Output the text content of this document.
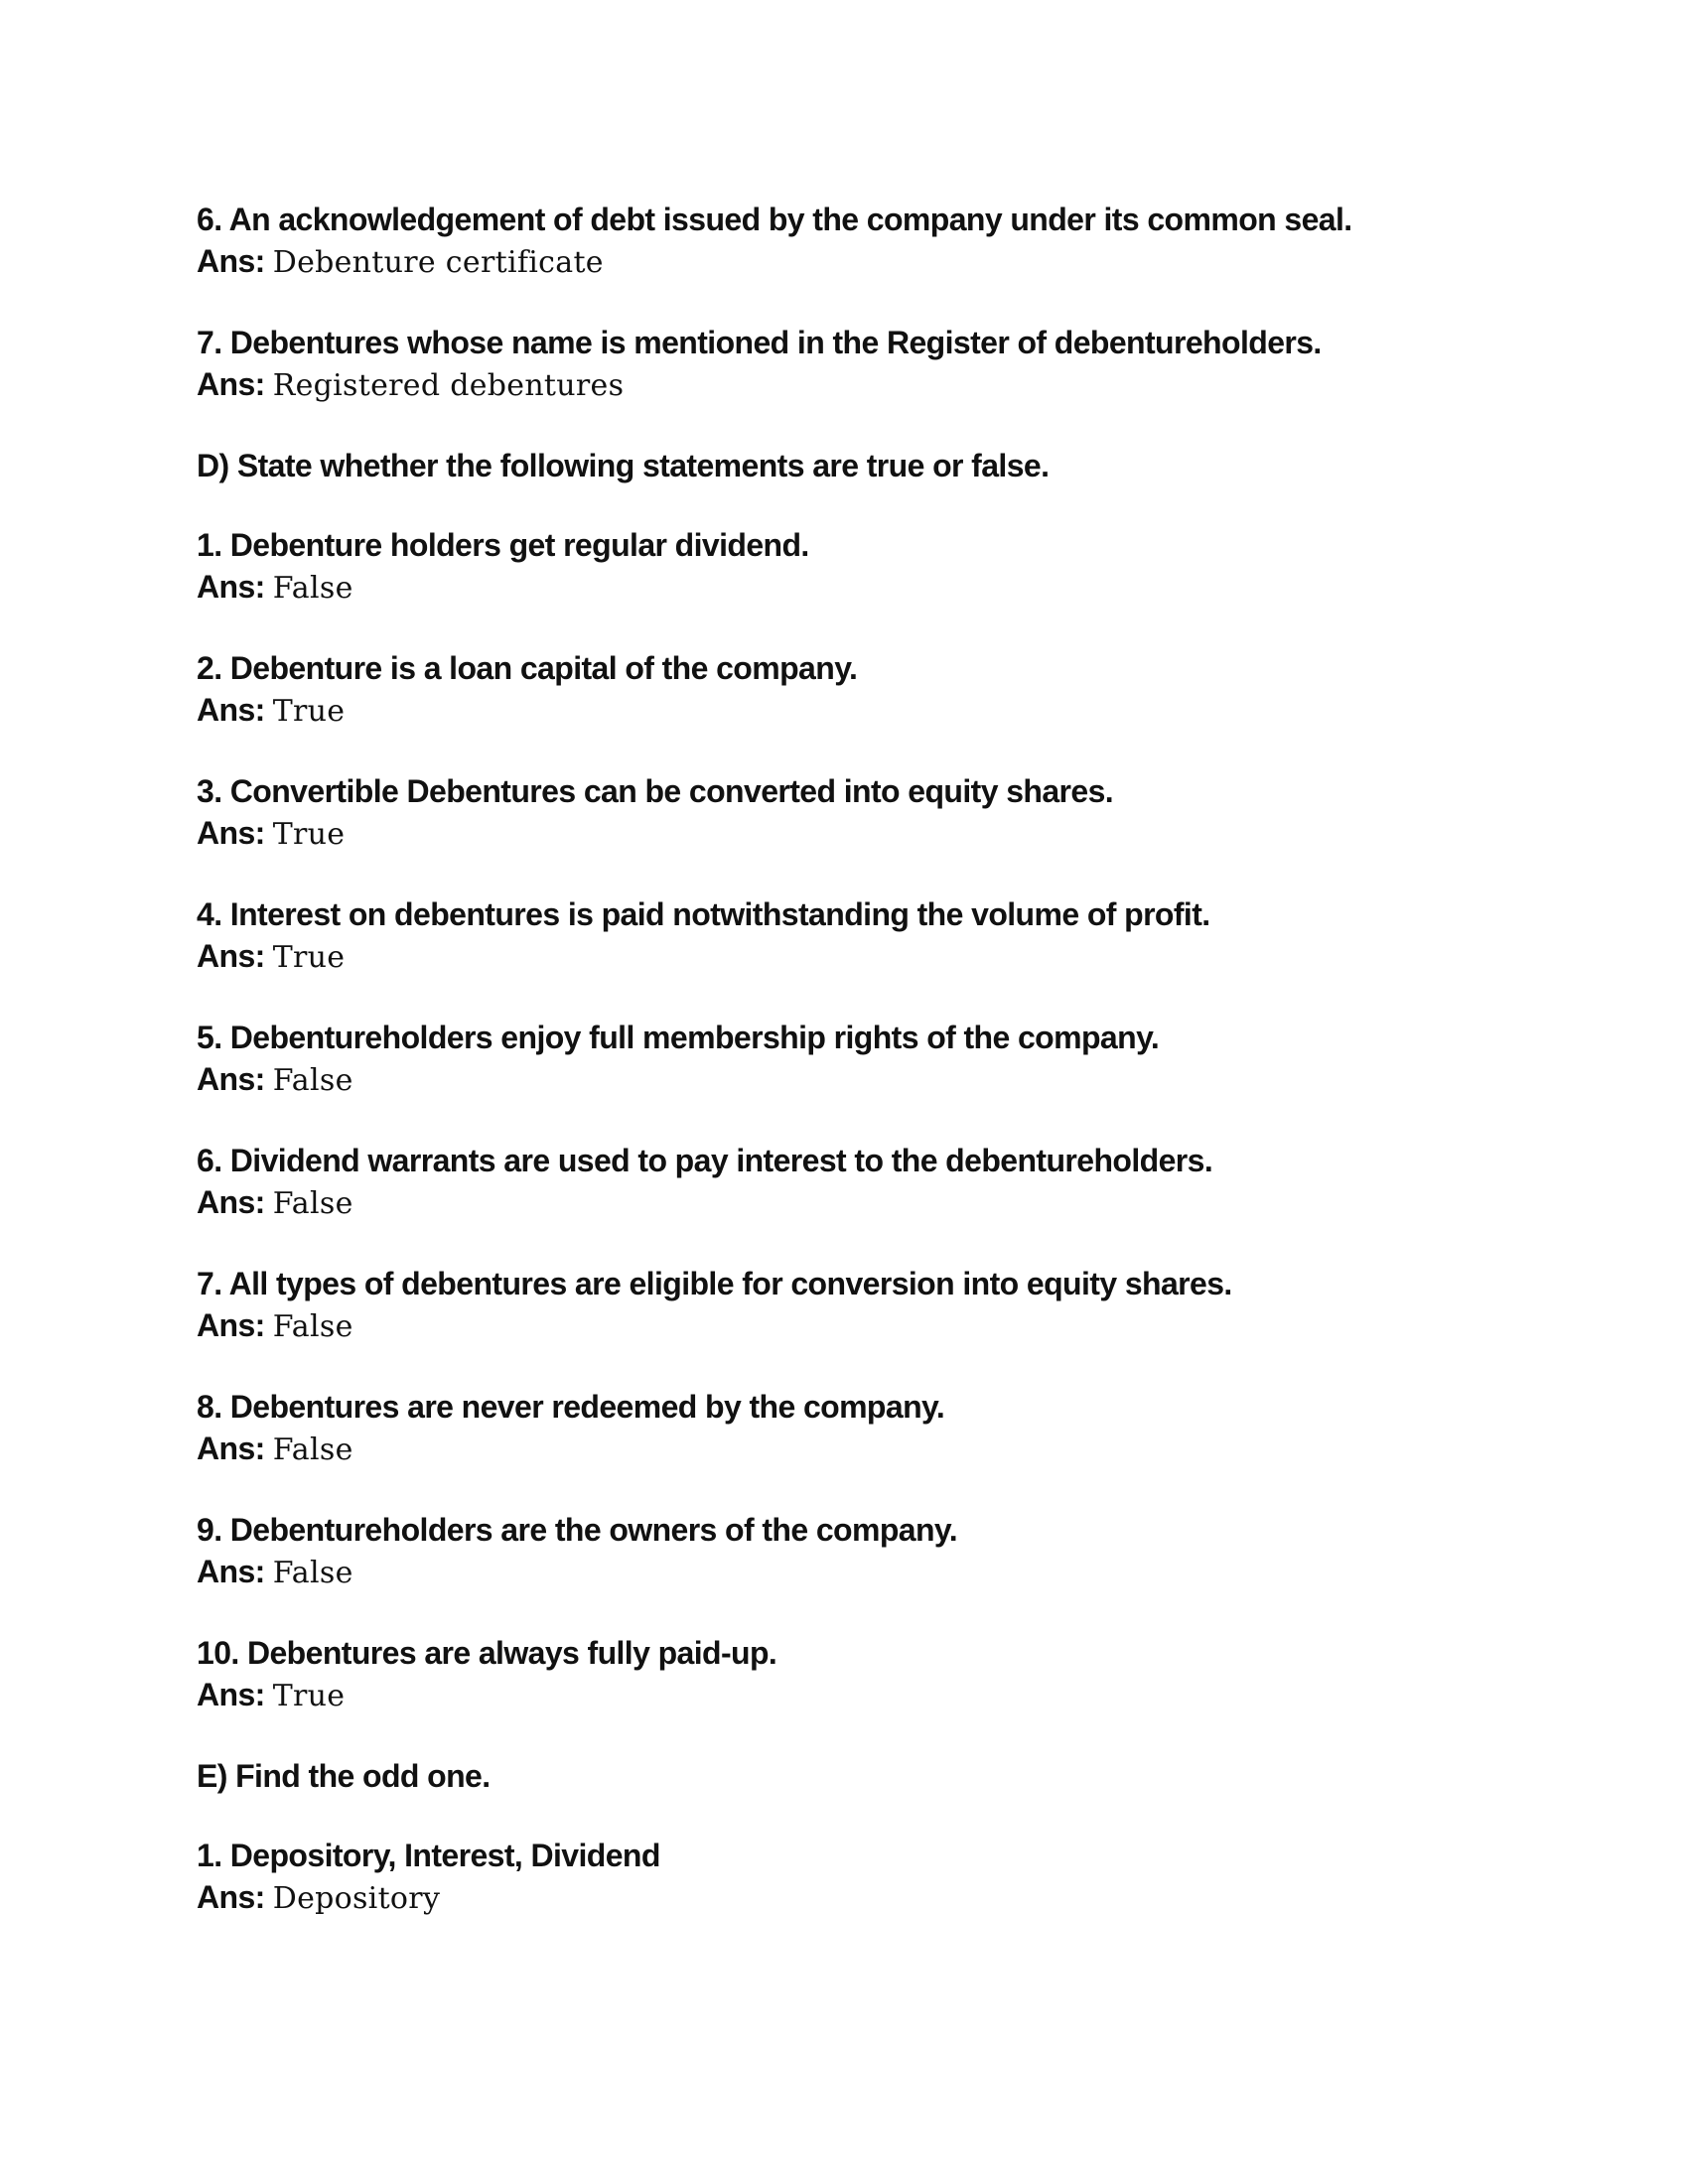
6. An acknowledgement of debt issued by the company under its common seal.

Ans: Debenture certificate

7. Debentures whose name is mentioned in the Register of debentureholders.

Ans: Registered debentures

D) State whether the following statements are true or false.

1. Debenture holders get regular dividend.

Ans: False

2. Debenture is a loan capital of the company.

Ans: True

3. Convertible Debentures can be converted into equity shares.

Ans: True

4. Interest on debentures is paid notwithstanding the volume of profit.

Ans: True

5. Debentureholders enjoy full membership rights of the company.

Ans: False

6. Dividend warrants are used to pay interest to the debentureholders.

Ans: False

7. All types of debentures are eligible for conversion into equity shares.

Ans: False

8. Debentures are never redeemed by the company.

Ans: False

9. Debentureholders are the owners of the company.

Ans: False

10. Debentures are always fully paid-up.

Ans: True

E) Find the odd one.

1. Depository, Interest, Dividend

Ans: Depository
